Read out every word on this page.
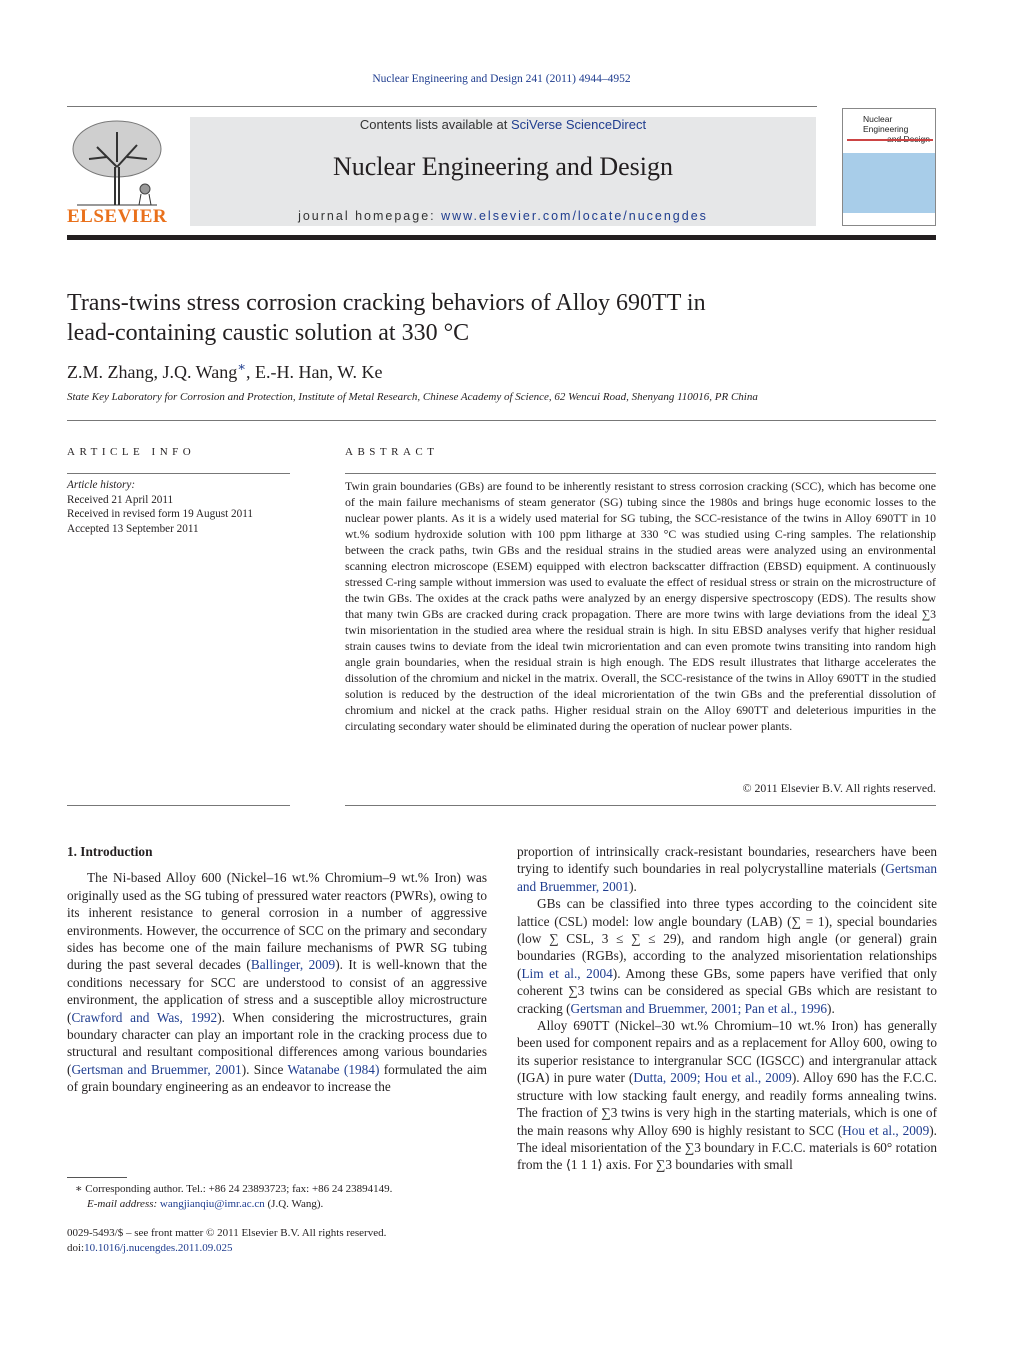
Nuclear Engineering and Design 241 (2011) 4944–4952
ELSEVIER
Contents lists available at SciVerse ScienceDirect
Nuclear Engineering and Design
journal homepage: www.elsevier.com/locate/nucengdes
Nuclear Engineering
Trans-twins stress corrosion cracking behaviors of Alloy 690TT in
lead-containing caustic solution at 330 °C
Z.M. Zhang, J.Q. Wang∗, E.-H. Han, W. Ke
State Key Laboratory for Corrosion and Protection, Institute of Metal Research, Chinese Academy of Science, 62 Wencui Road, Shenyang 110016, PR China
ARTICLE INFO
Article history:
Received 21 April 2011
Received in revised form 19 August 2011
Accepted 13 September 2011
ABSTRACT
Twin grain boundaries (GBs) are found to be inherently resistant to stress corrosion cracking (SCC), which has become one of the main failure mechanisms of steam generator (SG) tubing since the 1980s and brings huge economic losses to the nuclear power plants. As it is a widely used material for SG tubing, the SCC-resistance of the twins in Alloy 690TT in 10 wt.% sodium hydroxide solution with 100 ppm litharge at 330 °C was studied using C-ring samples. The relationship between the crack paths, twin GBs and the residual strains in the studied areas were analyzed using an environmental scanning electron microscope (ESEM) equipped with electron backscatter diffraction (EBSD) equipment. A continuously stressed C-ring sample without immersion was used to evaluate the effect of residual stress or strain on the microstructure of the twin GBs. The oxides at the crack paths were analyzed by an energy dispersive spectroscopy (EDS). The results show that many twin GBs are cracked during crack propagation. There are more twins with large deviations from the ideal ∑3 twin misorientation in the studied area where the residual strain is high. In situ EBSD analyses verify that higher residual strain causes twins to deviate from the ideal twin microrientation and can even promote twins transiting into random high angle grain boundaries, when the residual strain is high enough. The EDS result illustrates that litharge accelerates the dissolution of the chromium and nickel in the matrix. Overall, the SCC-resistance of the twins in Alloy 690TT in the studied solution is reduced by the destruction of the ideal microrientation of the twin GBs and the preferential dissolution of chromium and nickel at the crack paths. Higher residual strain on the Alloy 690TT and deleterious impurities in the circulating secondary water should be eliminated during the operation of nuclear power plants.
© 2011 Elsevier B.V. All rights reserved.
1. Introduction

The Ni-based Alloy 600 (Nickel–16 wt.% Chromium–9 wt.% Iron) was originally used as the SG tubing of pressured water reactors (PWRs), owing to its inherent resistance to general corrosion in a number of aggressive environments. However, the occurrence of SCC on the primary and secondary sides has become one of the main failure mechanisms of PWR SG tubing during the past several decades (Ballinger, 2009). It is well-known that the conditions necessary for SCC are understood to consist of an aggressive environment, the application of stress and a susceptible alloy microstructure (Crawford and Was, 1992). When considering the microstructures, grain boundary character can play an important role in the cracking process due to structural and resultant compositional differences among various boundaries (Gertsman and Bruemmer, 2001). Since Watanabe (1984) formulated the aim of grain boundary engineering as an endeavor to increase the

proportion of intrinsically crack-resistant boundaries, researchers have been trying to identify such boundaries in real polycrystalline materials (Gertsman and Bruemmer, 2001).

GBs can be classified into three types according to the coincident site lattice (CSL) model: low angle boundary (LAB) (∑ = 1), special boundaries (low ∑ CSL, 3 ≤ ∑ ≤ 29), and random high angle (or general) grain boundaries (RGBs), according to the analyzed misorientation relationships (Lim et al., 2004). Among these GBs, some papers have verified that only coherent ∑3 twins can be considered as special GBs which are resistant to cracking (Gertsman and Bruemmer, 2001; Pan et al., 1996).

Alloy 690TT (Nickel–30 wt.% Chromium–10 wt.% Iron) has generally been used for component repairs and as a replacement for Alloy 600, owing to its superior resistance to intergranular SCC (IGSCC) and intergranular attack (IGA) in pure water (Dutta, 2009; Hou et al., 2009). Alloy 690 has the F.C.C. structure with low stacking fault energy, and readily forms annealing twins. The fraction of ∑3 twins is very high in the starting materials, which is one of the main reasons why Alloy 690 is highly resistant to SCC (Hou et al., 2009). The ideal misorientation of the ∑3 boundary in F.C.C. materials is 60° rotation from the ⟨1 1 1⟩ axis. For ∑3 boundaries with small

∗ Corresponding author. Tel.: +86 24 23893723; fax: +86 24 23894149.
E-mail address: wangjianqiu@imr.ac.cn (J.Q. Wang).
0029-5493/$ – see front matter © 2011 Elsevier B.V. All rights reserved.
doi:10.1016/j.nucengdes.2011.09.025
